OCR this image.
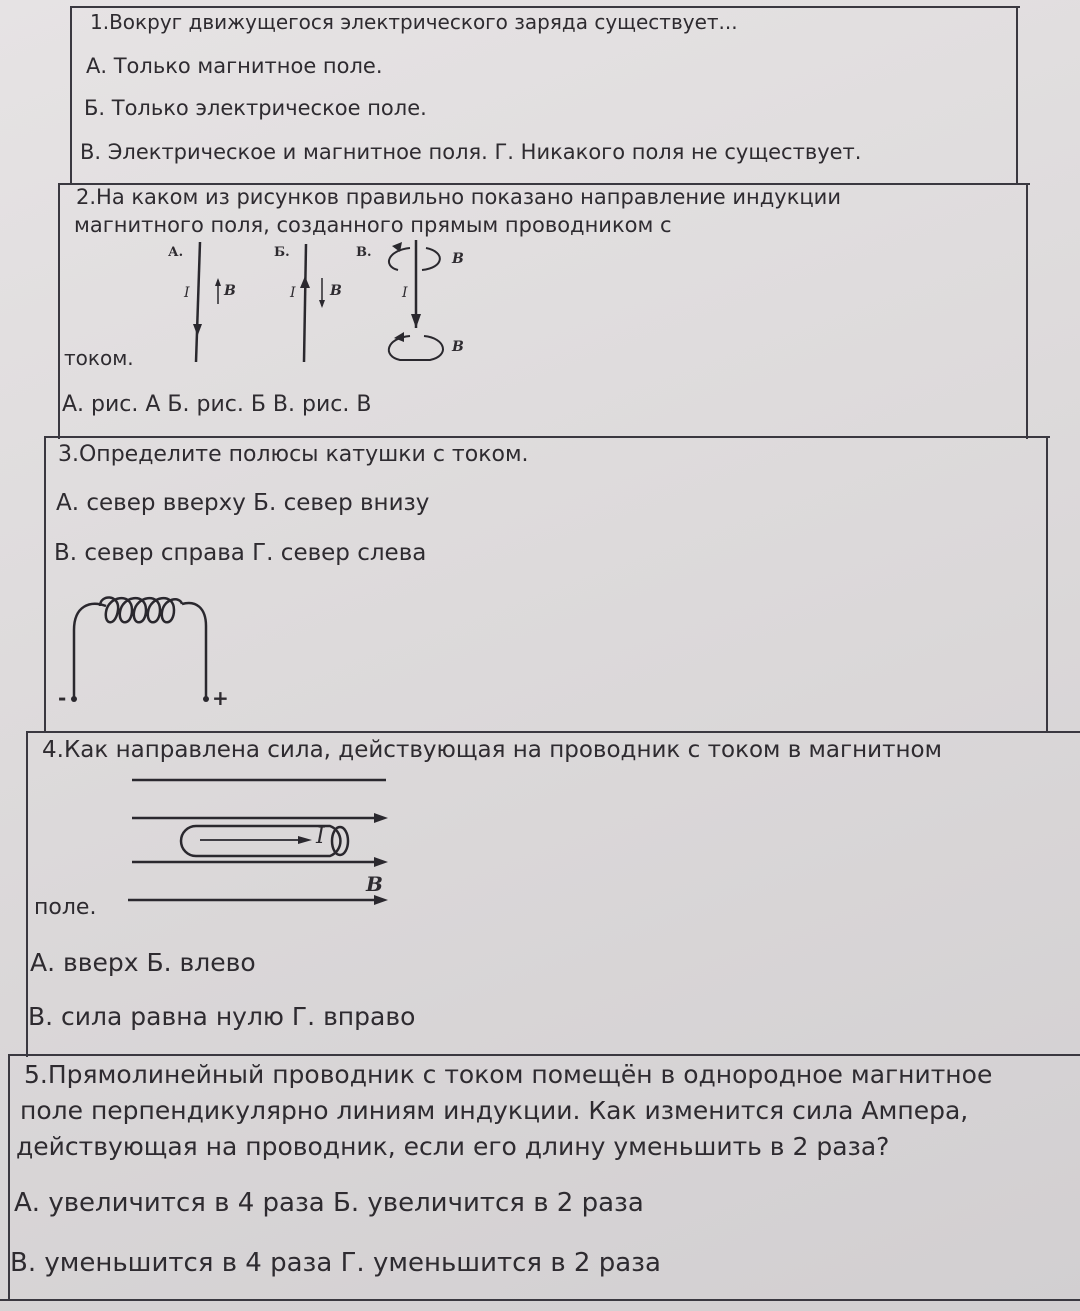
1.Вокруг движущегося электрического заряда существует...
А. Только магнитное поле.
Б. Только электрическое поле.
В. Электрическое и магнитное поля. Г. Никакого поля не существует.
2.На каком из рисунков правильно показано направление индукции
магнитного поля, созданного прямым проводником с
током.
А.	Б.	В.
I B	I B
B
I
B
А. рис. А Б. рис. Б В. рис. В
3.Определите полюсы катушки с током.
А. север вверху Б. север внизу
В. север справа Г. север слева
-	+
4.Как направлена сила, действующая на проводник с током в магнитном
поле.
I
B
А. вверх Б. влево
В. сила равна нулю Г. вправо
5.Прямолинейный проводник с током помещён в однородное магнитное
поле перпендикулярно линиям индукции. Как изменится сила Ампера,
действующая на проводник, если его длину уменьшить в 2 раза?
А. увеличится в 4 раза Б. увеличится в 2 раза
В. уменьшится в 4 раза Г. уменьшится в 2 раза
